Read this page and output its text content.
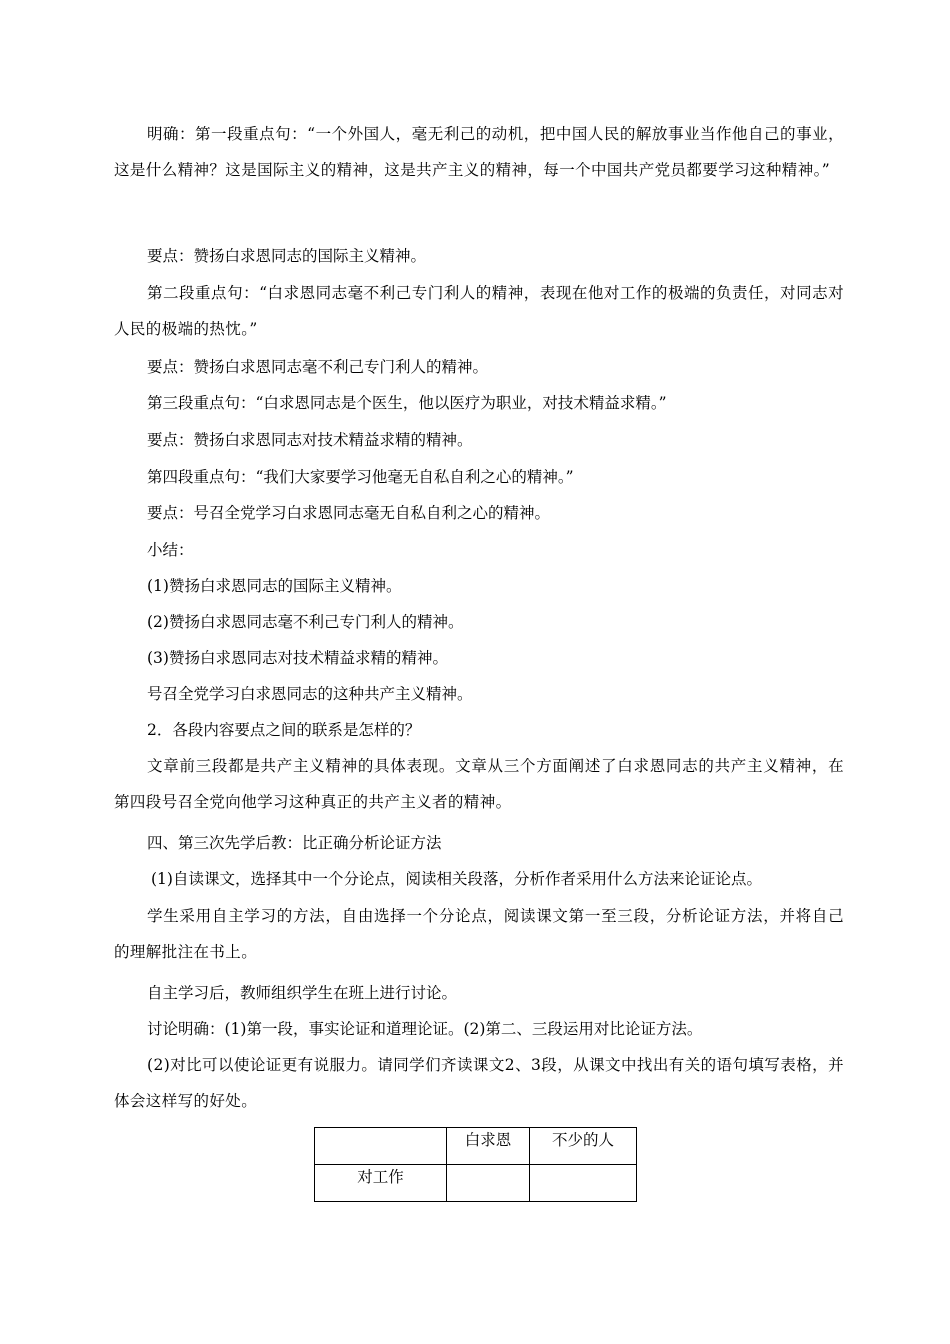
明确：第一段重点句：“一个外国人，毫无利己的动机，把中国人民的解放事业当作他自己的事业，这是什么精神？这是国际主义的精神，这是共产主义的精神，每一个中国共产党员都要学习这种精神。”
要点：赞扬白求恩同志的国际主义精神。
第二段重点句：“白求恩同志毫不利己专门利人的精神，表现在他对工作的极端的负责任，对同志对人民的极端的热忱。”
要点：赞扬白求恩同志毫不利己专门利人的精神。
第三段重点句：“白求恩同志是个医生，他以医疗为职业，对技术精益求精。”
要点：赞扬白求恩同志对技术精益求精的精神。
第四段重点句：“我们大家要学习他毫无自私自利之心的精神。”
要点：号召全党学习白求恩同志毫无自私自利之心的精神。
小结：
(1)赞扬白求恩同志的国际主义精神。
(2)赞扬白求恩同志毫不利己专门利人的精神。
(3)赞扬白求恩同志对技术精益求精的精神。
号召全党学习白求恩同志的这种共产主义精神。
2．各段内容要点之间的联系是怎样的？
文章前三段都是共产主义精神的具体表现。文章从三个方面阐述了白求恩同志的共产主义精神，在第四段号召全党向他学习这种真正的共产主义者的精神。
四、第三次先学后教：比正确分析论证方法
(1)自读课文，选择其中一个分论点，阅读相关段落，分析作者采用什么方法来论证论点。
学生采用自主学习的方法，自由选择一个分论点，阅读课文第一至三段，分析论证方法，并将自己的理解批注在书上。
自主学习后，教师组织学生在班上进行讨论。
讨论明确：(1)第一段，事实论证和道理论证。(2)第二、三段运用对比论证方法。
(2)对比可以使论证更有说服力。请同学们齐读课文2、3段，从课文中找出有关的语句填写表格，并体会这样写的好处。
	白求恩	不少的人
对工作		
